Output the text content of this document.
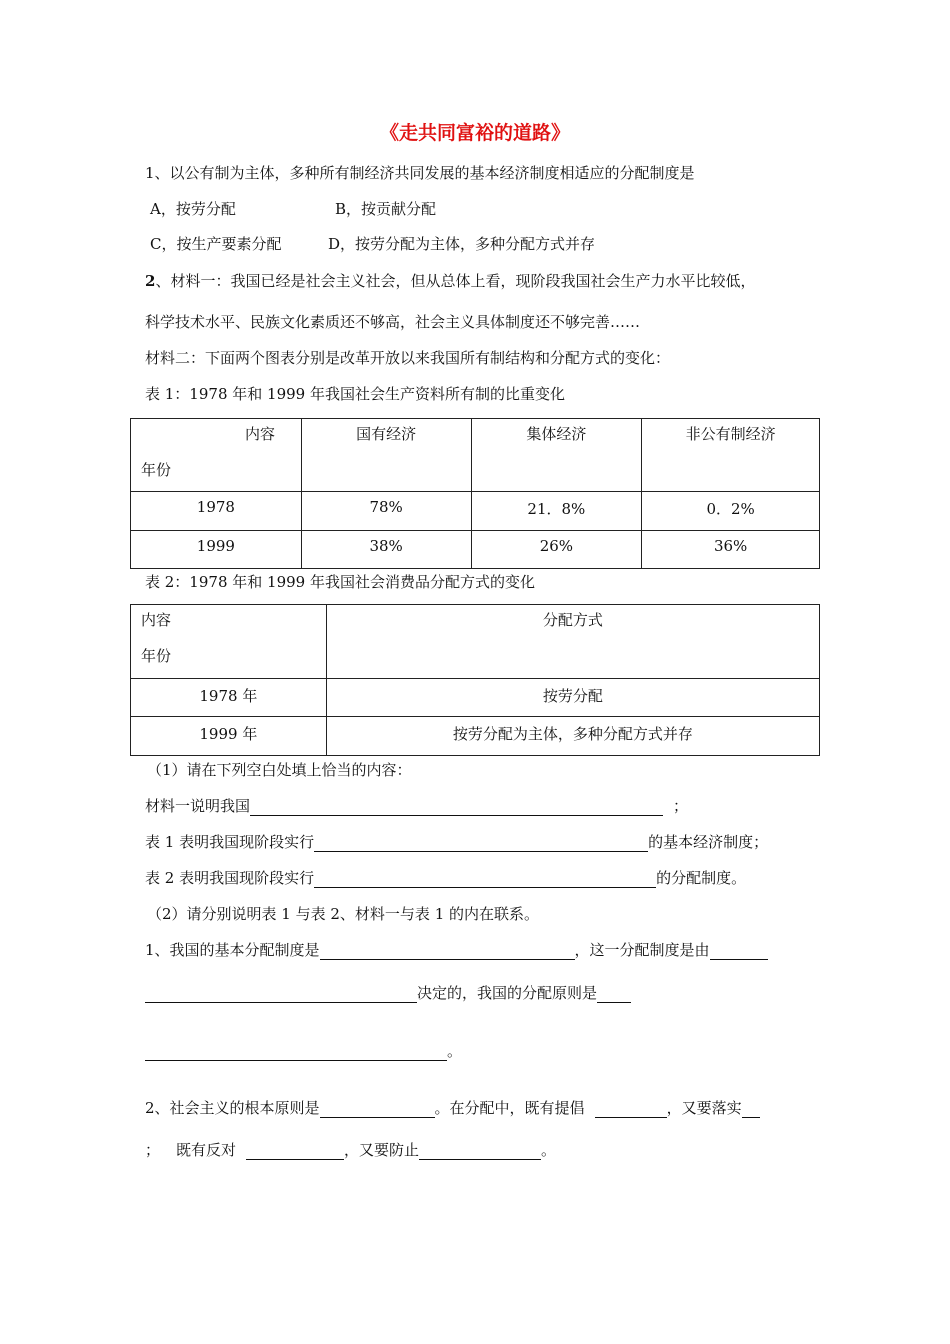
《走共同富裕的道路》
1、以公有制为主体，多种所有制经济共同发展的基本经济制度相适应的分配制度是
A，按劳分配	B，按贡献分配
C，按生产要素分配	D，按劳分配为主体，多种分配方式并存
2、材料一：我国已经是社会主义社会，但从总体上看，现阶段我国社会生产力水平比较低，
科学技术水平、民族文化素质还不够高，社会主义具体制度还不够完善……
材料二：下面两个图表分别是改革开放以来我国所有制结构和分配方式的变化：
表 1：1978 年和 1999 年我国社会生产资料所有制的比重变化
内容
年份	国有经济	集体经济	非公有制经济
1978	78%	21．8%	0．2%
1999	38%	26%	36%
表 2：1978 年和 1999 年我国社会消费品分配方式的变化
内容
年份	分配方式
1978 年	按劳分配
1999 年	按劳分配为主体，多种分配方式并存
（1）请在下列空白处填上恰当的内容：
材料一说明我国	；
表 1 表明我国现阶段实行	的基本经济制度；
表 2 表明我国现阶段实行	的分配制度。
（2）请分别说明表 1 与表 2、材料一与表 1 的内在联系。
1、我国的基本分配制度是	，这一分配制度是由
决定的，我国的分配原则是
。
2、社会主义的根本原则是	。在分配中，既有提倡	，又要落实
； 既有反对	，又要防止	。
